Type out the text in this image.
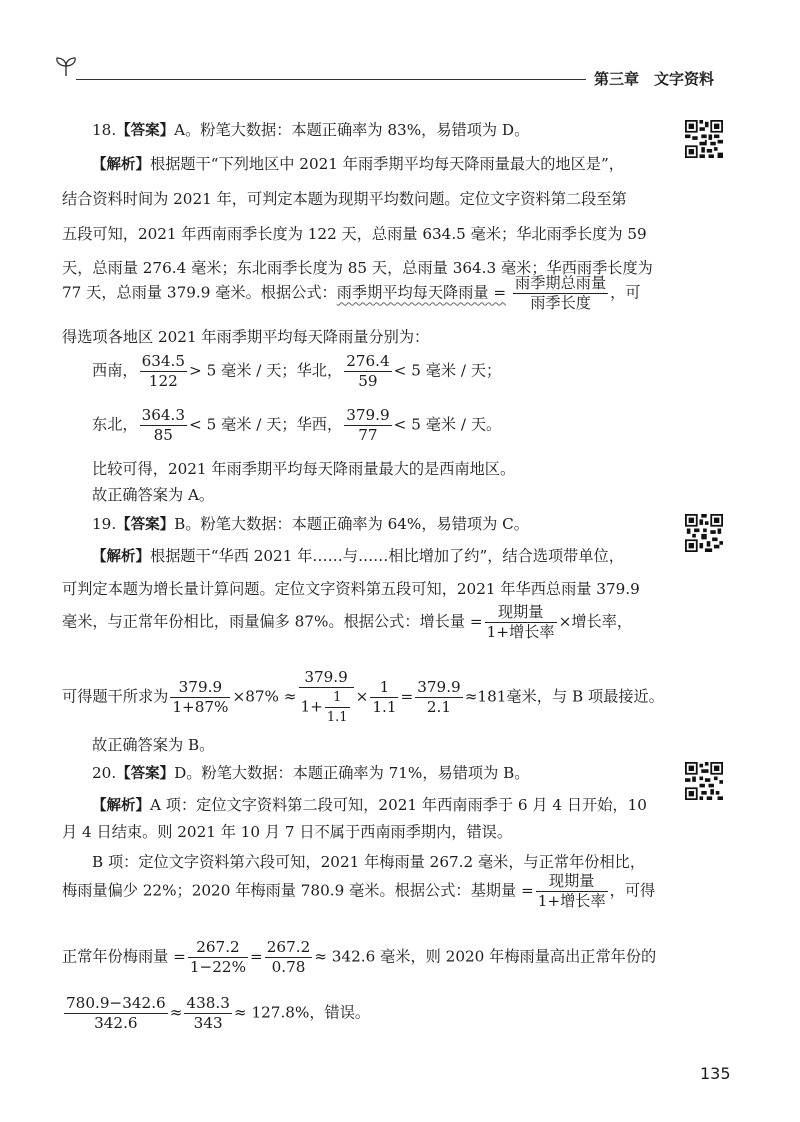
第三章 文字资料
18.【答案】A。粉笔大数据：本题正确率为 83%，易错项为 D。
【解析】根据题干“下列地区中 2021 年雨季期平均每天降雨量最大的地区是”，
结合资料时间为 2021 年，可判定本题为现期平均数问题。定位文字资料第二段至第
五段可知，2021 年西南雨季长度为 122 天，总雨量 634.5 毫米；华北雨季长度为 59
天，总雨量 276.4 毫米；东北雨季长度为 85 天，总雨量 364.3 毫米；华西雨季长度为
77 天，总雨量 379.9 毫米。根据公式：雨季期平均每天降雨量 = $\frac{\text{雨季期总雨量}}{\text{雨季长度}}$ ，可
得选项各地区 2021 年雨季期平均每天降雨量分别为：
西南， $\frac{634.5}{122} > 5$ 毫米 / 天；华北， $\frac{276.4}{59} < 5$ 毫米 / 天；
东北， $\frac{364.3}{85} < 5$ 毫米 / 天；华西， $\frac{379.9}{77} < 5$ 毫米 / 天。
比较可得，2021 年雨季期平均每天降雨量最大的是西南地区。
故正确答案为 A。
19.【答案】B。粉笔大数据：本题正确率为 64%，易错项为 C。
【解析】根据题干“华西 2021 年……与……相比增加了约”，结合选项带单位，
可判定本题为增长量计算问题。定位文字资料第五段可知，2021 年华西总雨量 379.9
毫米，与正常年份相比，雨量偏多 87%。根据公式：增长量 = $\frac{\text{现期量}}{\text{1+增长率}}$ ×增长率，
可得题干所求为 $\frac{379.9}{1+87\%} \times 87\% \approx \frac{379.9}{1+ \frac{1}{1.1}} \times \frac{1}{1.1} = \frac{379.9}{2.1} \approx 181$毫米，与 B 项最接近。
故正确答案为 B。
20.【答案】D。粉笔大数据：本题正确率为 71%，易错项为 B。
【解析】A 项：定位文字资料第二段可知，2021 年西南雨季于 6 月 4 日开始，10
月 4 日结束。则 2021 年 10 月 7 日不属于西南雨季期内，错误。
B 项：定位文字资料第六段可知，2021 年梅雨量 267.2 毫米，与正常年份相比，
梅雨量偏少 22%；2020 年梅雨量 780.9 毫米。根据公式：基期量 = $\frac{\text{现期量}}{\text{1+增长率}}$ ，可得
正常年份梅雨量 = $\frac{267.2}{1-22\%} = \frac{267.2}{0.78} \approx 342.6$ 毫米，则 2020 年梅雨量高出正常年份的
$\frac{780.9-342.6}{342.6} \approx \frac{438.3}{343} \approx 127.8\%$，错误。
135
